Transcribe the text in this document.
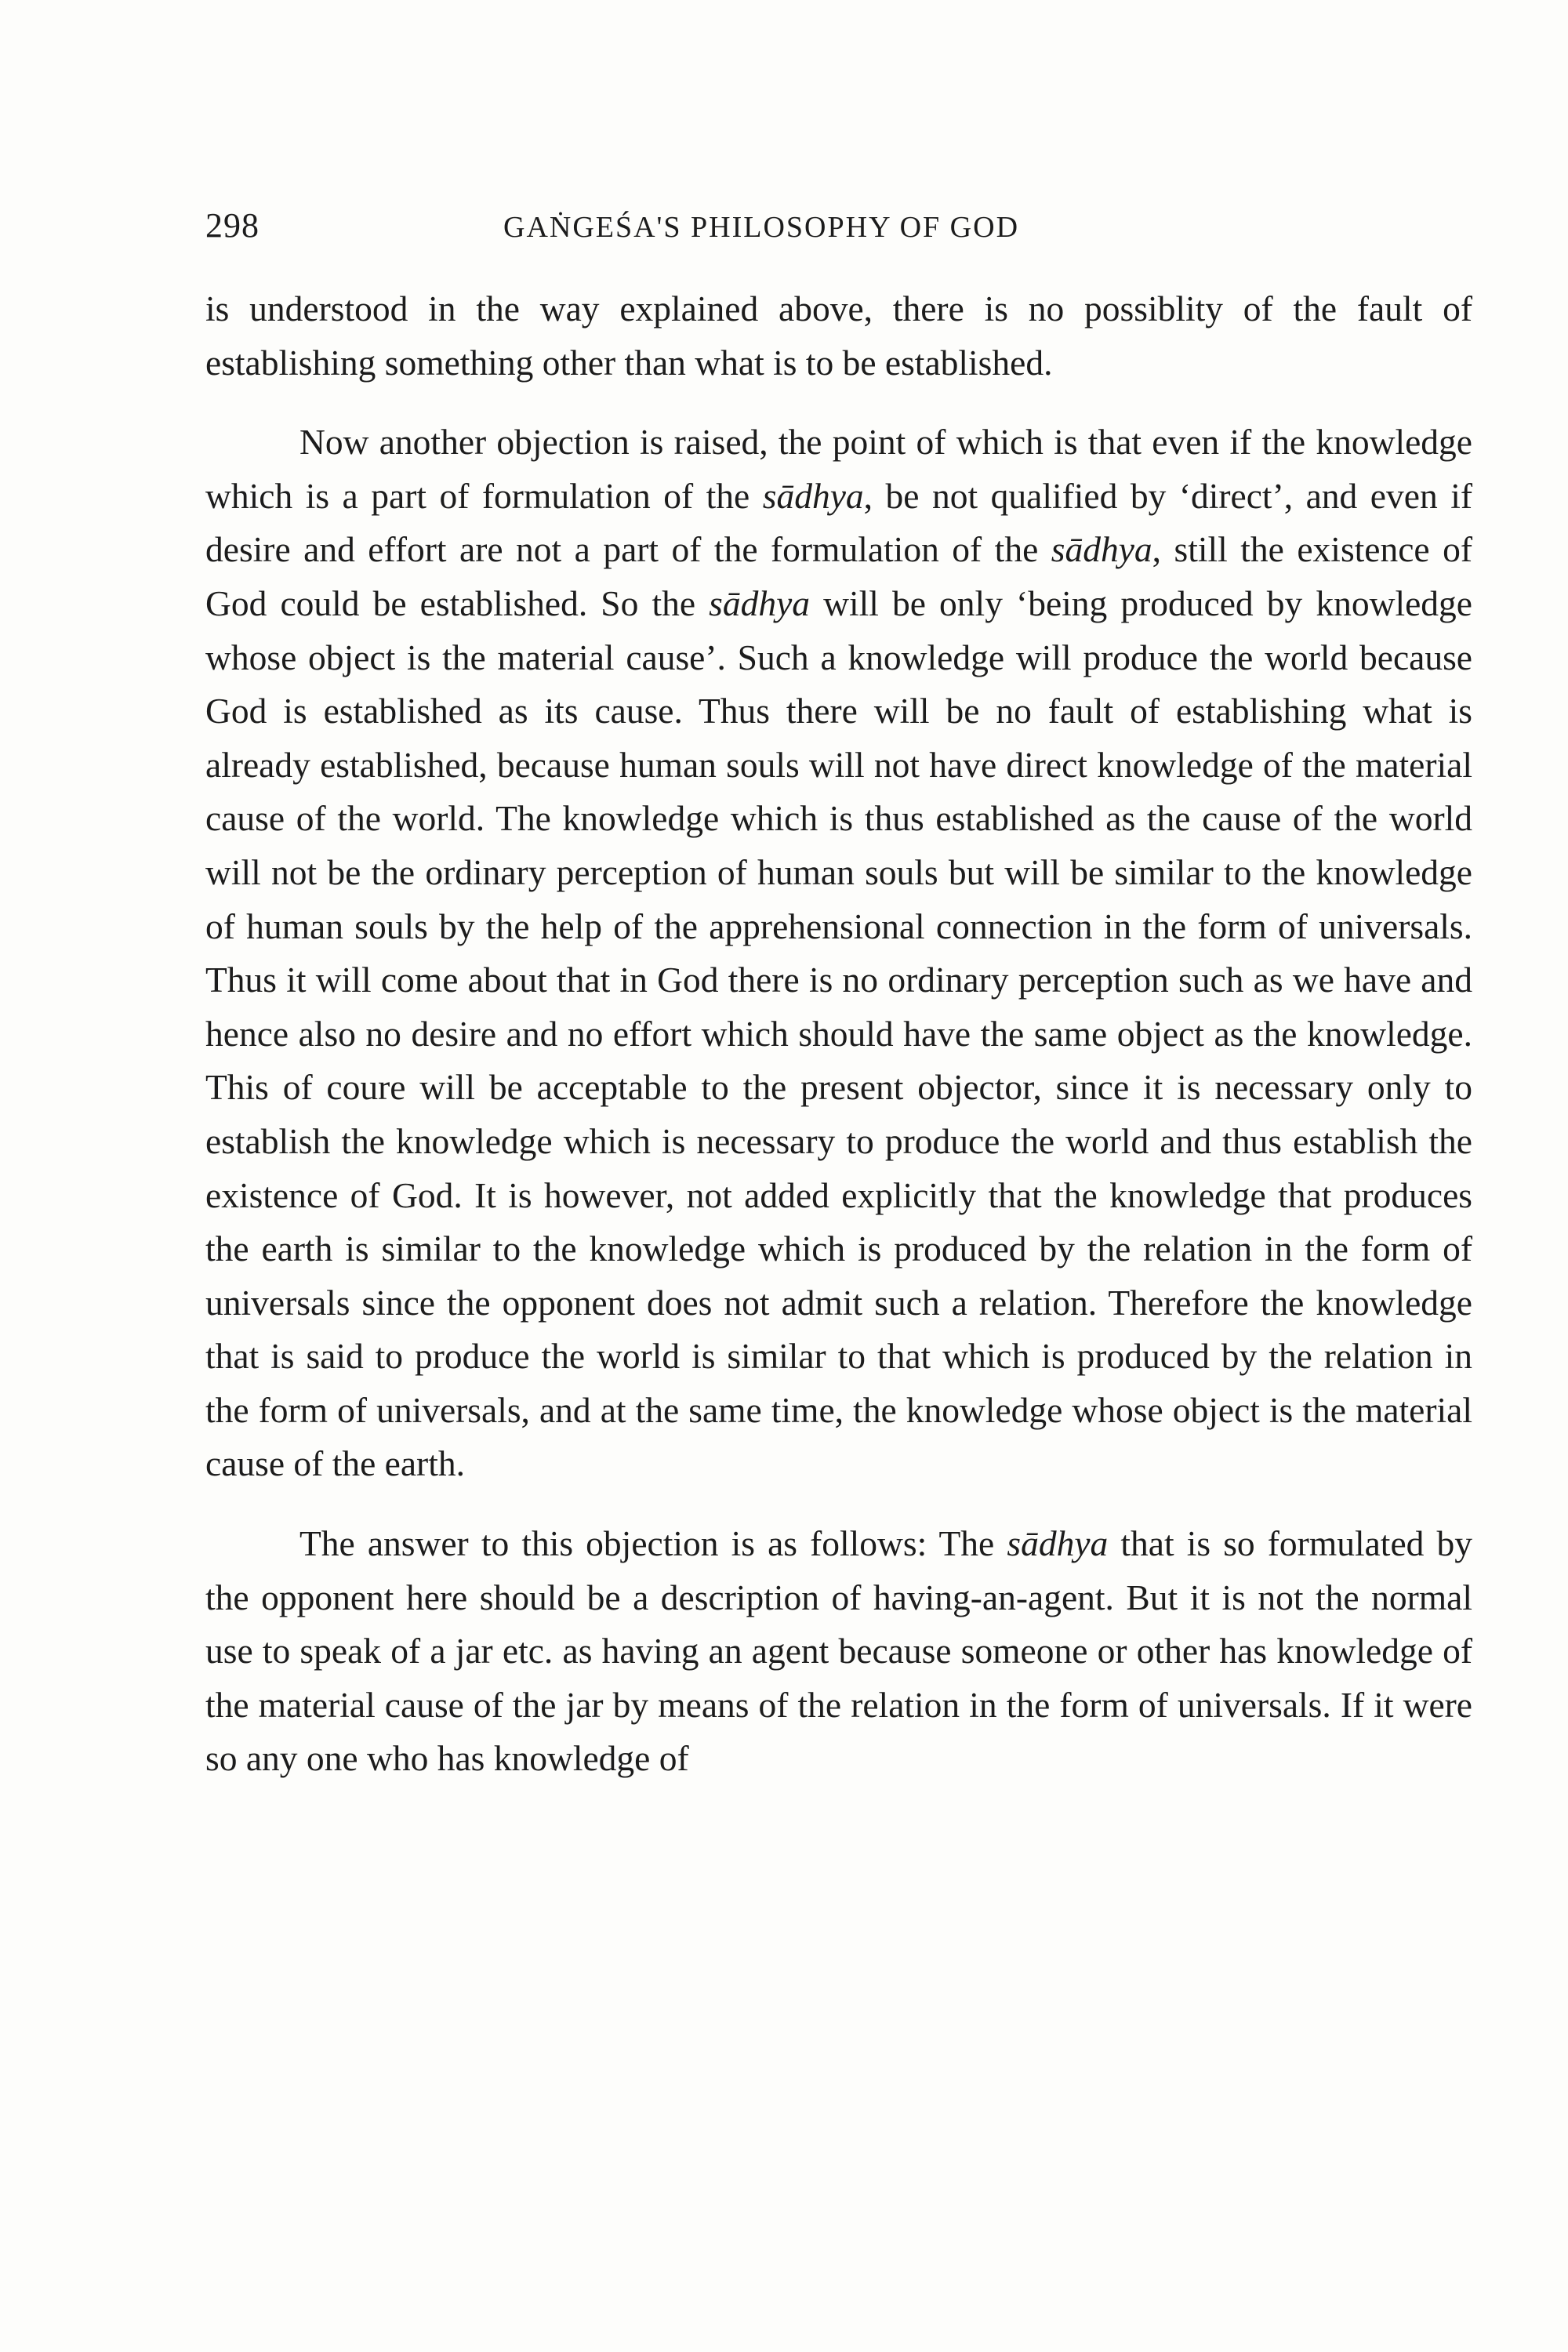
298	GAṄGEŚA'S PHILOSOPHY OF GOD

is understood in the way explained above, there is no possiblity of the fault of establishing something other than what is to be established.

Now another objection is raised, the point of which is that even if the knowledge which is a part of formulation of the sādhya, be not qualified by ‘direct’, and even if desire and effort are not a part of the formulation of the sādhya, still the existence of God could be established. So the sādhya will be only ‘being produced by knowledge whose object is the material cause’. Such a knowledge will produce the world because God is established as its cause. Thus there will be no fault of establishing what is already established, because human souls will not have direct knowledge of the material cause of the world. The knowledge which is thus established as the cause of the world will not be the ordinary perception of human souls but will be similar to the knowledge of human souls by the help of the apprehensional connection in the form of universals. Thus it will come about that in God there is no ordinary perception such as we have and hence also no desire and no effort which should have the same object as the knowledge. This of coure will be acceptable to the present objector, since it is necessary only to establish the knowledge which is necessary to produce the world and thus establish the existence of God. It is however, not added explicitly that the knowledge that produces the earth is similar to the knowledge which is produced by the relation in the form of universals since the opponent does not admit such a relation. Therefore the knowledge that is said to produce the world is similar to that which is produced by the relation in the form of universals, and at the same time, the knowledge whose object is the material cause of the earth.

The answer to this objection is as follows: The sādhya that is so formulated by the opponent here should be a description of having-an-agent. But it is not the normal use to speak of a jar etc. as having an agent because someone or other has knowledge of the material cause of the jar by means of the relation in the form of universals. If it were so any one who has knowledge of
